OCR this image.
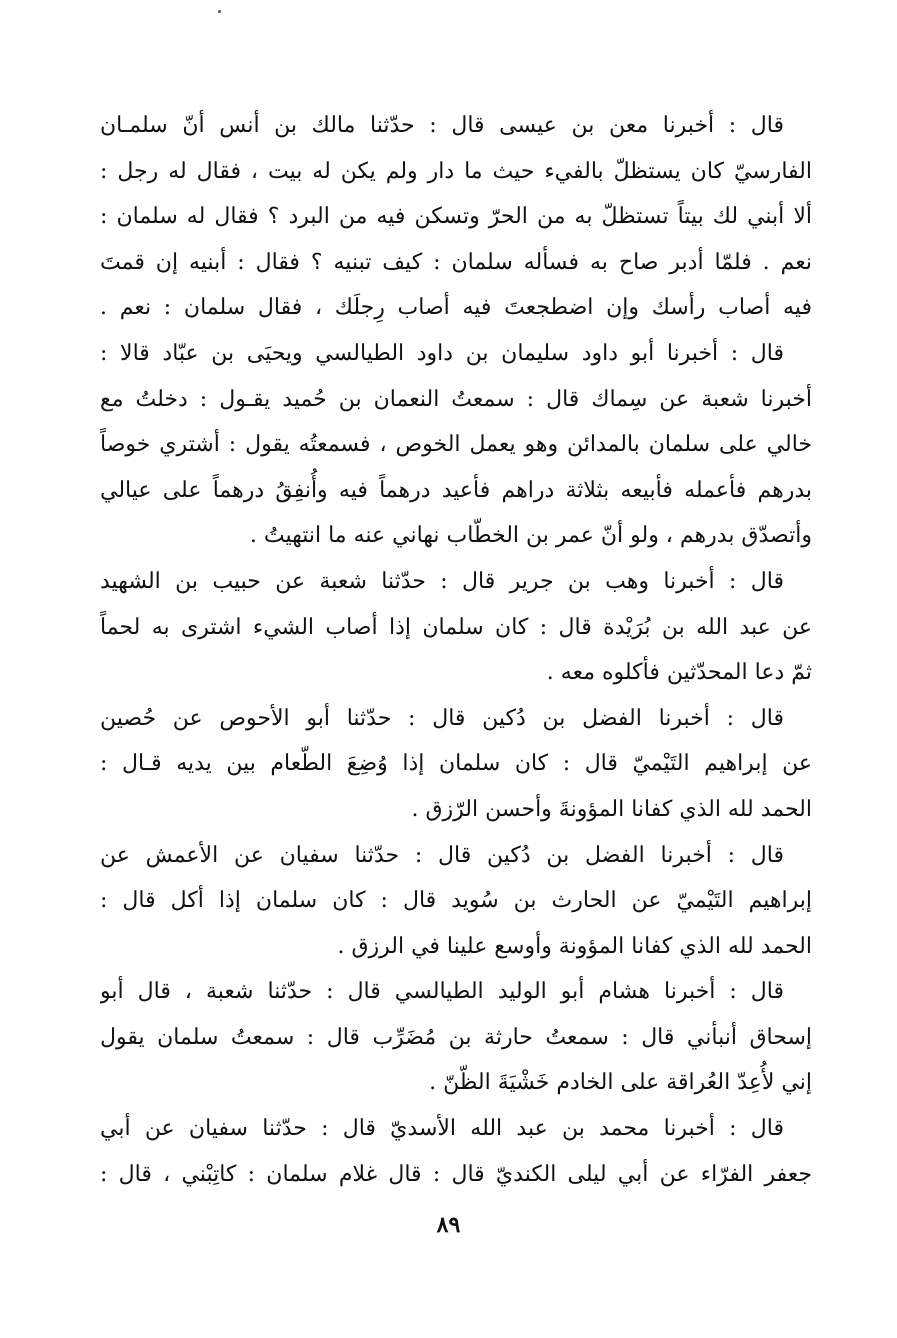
قال : أخبرنا معن بن عيسى قال : حدّثنا مالك بن أنس أنّ سلمـان
الفارسيّ كان يستظلّ بالفيء حيث ما دار ولم يكن له بيت ، فقال له رجل :
ألا أبني لك بيتاً تستظلّ به من الحرّ وتسكن فيه من البرد ؟ فقال له سلمان :
نعم . فلمّا أدبر صاح به فسأله سلمان : كيف تبنيه ؟ فقال : أبنيه إن قمتَ
فيه أصاب رأسك وإن اضطجعتَ فيه أصاب رِجلَك ، فقال سلمان : نعم .
قال : أخبرنا أبو داود سليمان بن داود الطيالسي ويحيَى بن عبّاد قالا :
أخبرنا شعبة عن سِماك قال : سمعتُ النعمان بن حُميد يقـول : دخلتُ مع
خالي على سلمان بالمدائن وهو يعمل الخوص ، فسمعتُه يقول : أشتري خوصاً
بدرهم فأعمله فأبيعه بثلاثة دراهم فأعيد درهماً فيه وأُنفِقُ درهماً على عيالي
وأتصدّق بدرهم ، ولو أنّ عمر بن الخطّاب نهاني عنه ما انتهيتُ .
قال : أخبرنا وهب بن جرير قال : حدّثنا شعبة عن حبيب بن الشهيد
عن عبد الله بن بُرَيْدة قال : كان سلمان إذا أصاب الشيء اشترى به لحماً
ثمّ دعا المحدّثين فأكلوه معه .
قال : أخبرنا الفضل بن دُكين قال : حدّثنا أبو الأحوص عن حُصين
عن إبراهيم التَيْميّ قال : كان سلمان إذا وُضِعَ الطّعام بين يديه قـال :
الحمد لله الذي كفانا المؤونةَ وأحسن الرّزق .
قال : أخبرنا الفضل بن دُكين قال : حدّثنا سفيان عن الأعمش عن
إبراهيم التَيْميّ عن الحارث بن سُويد قال : كان سلمان إذا أكل قال :
الحمد لله الذي كفانا المؤونة وأوسع علينا في الرزق .
قال : أخبرنا هشام أبو الوليد الطيالسي قال : حدّثنا شعبة ، قال أبو
إسحاق أنبأني قال : سمعتُ حارثة بن مُضَرِّب قال : سمعتُ سلمان يقول
إني لأُعِدّ العُراقة على الخادم خَشْيَةَ الظّنّ .
قال : أخبرنا محمد بن عبد الله الأسديّ قال : حدّثنا سفيان عن أبي
جعفر الفرّاء عن أبي ليلى الكنديّ قال : قال غلام سلمان : كاتِبْني ، قال :
٨٩
